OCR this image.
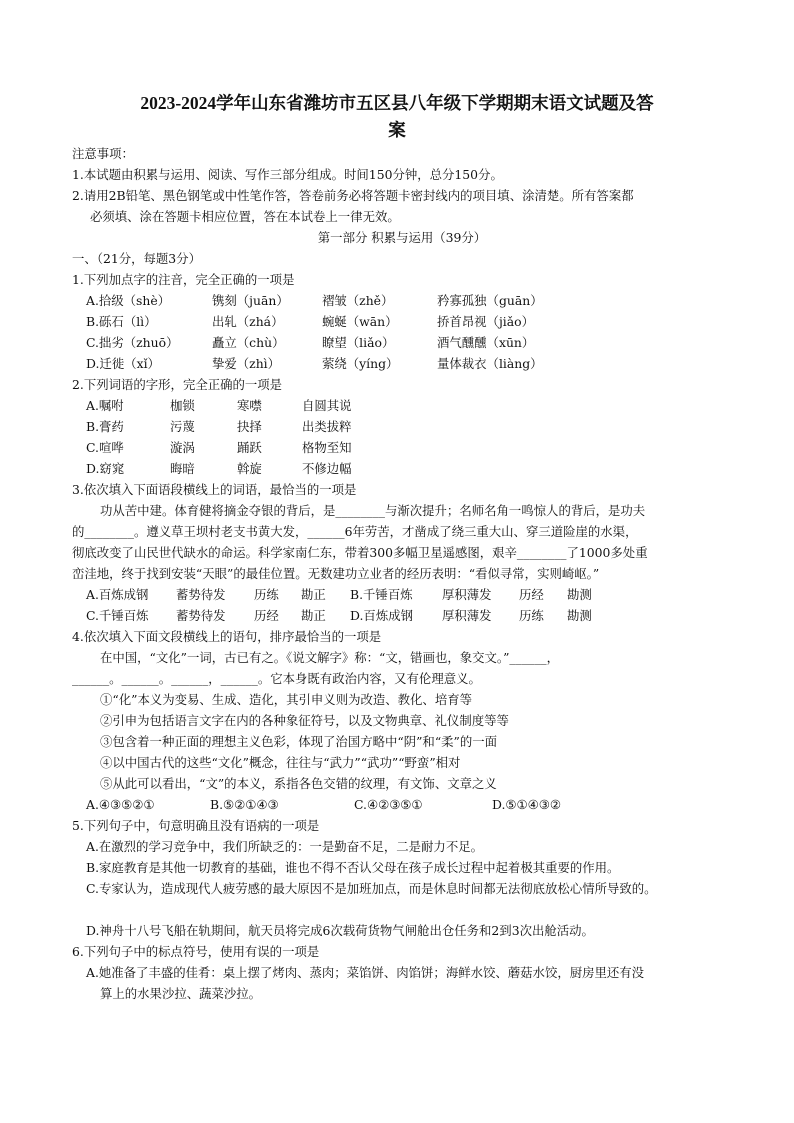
2023-2024学年山东省潍坊市五区县八年级下学期期末语文试题及答
案
注意事项：
1.本试题由积累与运用、阅读、写作三部分组成。时间150分钟，总分150分。
2.请用2B铅笔、黑色钢笔或中性笔作答，答卷前务必将答题卡密封线内的项目填、涂清楚。所有答案都
必须填、涂在答题卡相应位置，答在本试卷上一律无效。
第一部分 积累与运用（39分）
一、（21分，每题3分）
1.下列加点字的注音，完全正确的一项是
A.拾级（shè）	镌刻（juān）	褶皱（zhě）	矜寡孤独（guān）
B.砾石（lì）	出轧（zhá）	蜿蜒（wān）	挢首昂视（jiǎo）
C.拙劣（zhuō）	矗立（chù）	瞭望（liǎo）	酒气醺醺（xūn）
D.迁徙（xǐ）	挚爱（zhì）	萦绕（yíng）	量体裁衣（liàng）
2.下列词语的字形，完全正确的一项是
A.嘱咐	枷锁	寒噤	自圆其说
B.膏药	污蔑	抉择	出类拔粹
C.喧哗	漩涡	踊跃	格物至知
D.窈窕	晦暗	斡旋	不修边幅
3.依次填入下面语段横线上的词语，最恰当的一项是
功从苦中建。体育健将摘金夺银的背后，是________与渐次提升；名师名角一鸣惊人的背后，是功夫
的________。遵义草王坝村老支书黄大发，______6年劳苦，才凿成了绕三重大山、穿三道险崖的水渠，
彻底改变了山民世代缺水的命运。科学家南仁东，带着300多幅卫星遥感图，艰辛________了1000多处重
峦洼地，终于找到安装“天眼”的最佳位置。无数建功立业者的经历表明：“看似寻常，实则崎岖。”
A.百炼成钢 蓄势待发 历练 勘正 B.千锤百炼 厚积薄发 历经 勘测
C.千锤百炼 蓄势待发 历经 勘正 D.百炼成钢 厚积薄发 历练 勘测
4.依次填入下面文段横线上的语句，排序最恰当的一项是
在中国，“文化”一词，古已有之。《说文解字》称：“文，错画也，象交文。”______，
______。______。______，______。它本身既有政治内容，又有伦理意义。
①“化”本义为变易、生成、造化，其引申义则为改造、教化、培育等
②引申为包括语言文字在内的各种象征符号，以及文物典章、礼仪制度等等
③包含着一种正面的理想主义色彩，体现了治国方略中“阴”和“柔”的一面
④以中国古代的这些“文化”概念，往往与“武力”“武功”“野蛮”相对
⑤从此可以看出，“文”的本义，系指各色交错的纹理，有文饰、文章之义
A.④③⑤②①	B.⑤②①④③	C.④②③⑤①	D.⑤①④③②
5.下列句子中，句意明确且没有语病的一项是
A.在激烈的学习竞争中，我们所缺乏的：一是勤奋不足，二是耐力不足。
B.家庭教育是其他一切教育的基础，谁也不得不否认父母在孩子成长过程中起着极其重要的作用。
C.专家认为，造成现代人疲劳感的最大原因不是加班加点，而是休息时间都无法彻底放松心情所导致的。
D.神舟十八号飞船在轨期间，航天员将完成6次载荷货物气闸舱出仓任务和2到3次出舱活动。
6.下列句子中的标点符号，使用有误的一项是
A.她准备了丰盛的佳肴：桌上摆了烤肉、蒸肉；菜馅饼、肉馅饼；海鲜水饺、蘑菇水饺，厨房里还有没
算上的水果沙拉、蔬菜沙拉。
